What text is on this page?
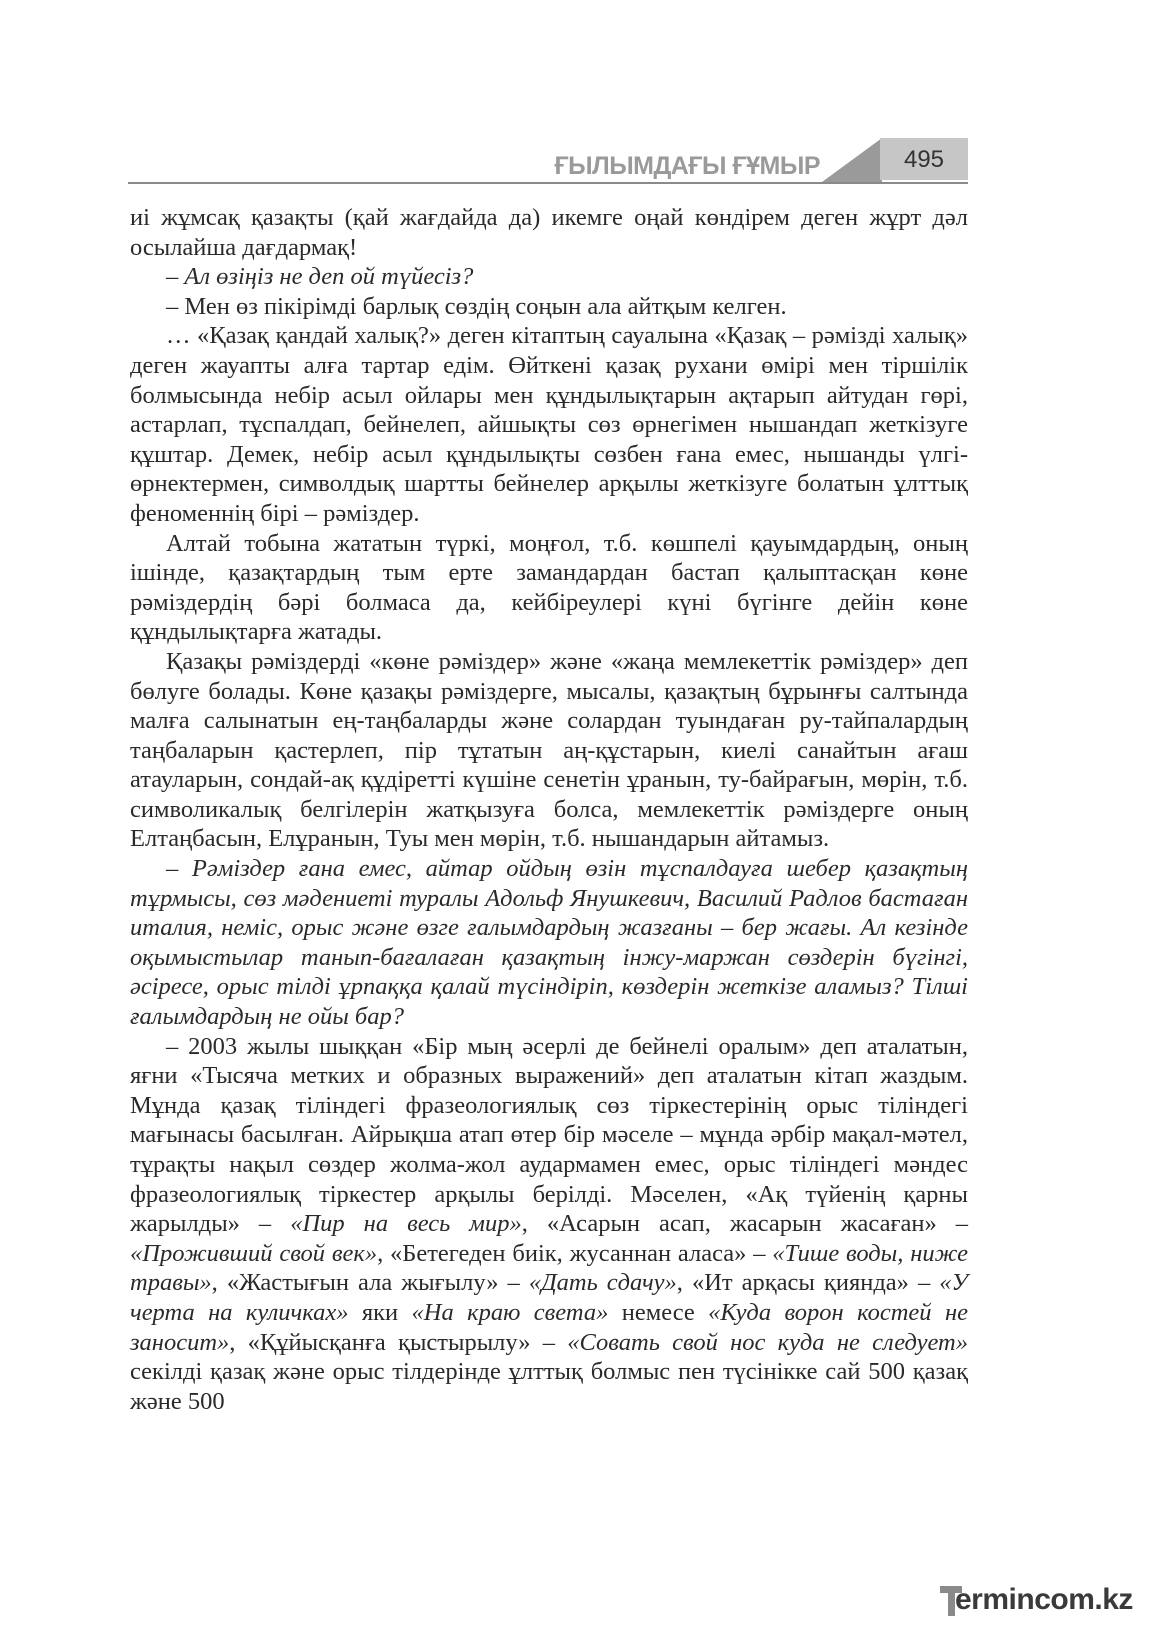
ҒЫЛЫМДАҒЫ ҒҰМЫР	495

иі жұмсақ қазақты (қай жағдайда да) икемге оңай көндірем деген жұрт дәл осылайша дағдармақ!

– Ал өзіңіз не деп ой түйесіз?

– Мен өз пікірімді барлық сөздің соңын ала айтқым келген.

… «Қазақ қандай халық?» деген кітаптың сауалына «Қазақ – рәмізді халық» деген жауапты алға тартар едім. Өйткені қазақ рухани өмірі мен тіршілік болмысында небір асыл ойлары мен құндылықтарын ақтарып айтудан гөрі, астарлап, тұспалдап, бейнелеп, айшықты сөз өрнегімен нышандап жеткізуге құштар. Демек, небір асыл құндылықты сөзбен ғана емес, нышанды үлгі-өрнектермен, символдық шартты бейнелер арқылы жеткізуге болатын ұлттық феноменнің бірі – рәміздер.

Алтай тобына жататын түркі, моңғол, т.б. көшпелі қауымдардың, оның ішінде, қазақтардың тым ерте замандардан бастап қалыптасқан көне рәміздердің бәрі болмаса да, кейбіреулері күні бүгінге дейін көне құндылықтарға жатады.

Қазақы рәміздерді «көне рәміздер» және «жаңа мемлекеттік рәміздер» деп бөлуге болады. Көне қазақы рәміздерге, мысалы, қазақтың бұрынғы салтында малға салынатын ең-таңбаларды және солардан туындаған ру-тайпалардың таңбаларын қастерлеп, пір тұтатын аң-құстарын, киелі санайтын ағаш атауларын, сондай-ақ құдіретті күшіне сенетін ұранын, ту-байрағын, мөрін, т.б. символикалық белгілерін жатқызуға болса, мемлекеттік рәміздерге оның Елтаңбасын, Елұранын, Туы мен мөрін, т.б. нышандарын айтамыз.

– Рәміздер ғана емес, айтар ойдың өзін тұспалдауға шебер қазақтың тұрмысы, сөз мәдениеті туралы Адольф Янушкевич, Василий Радлов бастаған италия, неміс, орыс және өзге ғалымдардың жазғаны – бер жағы. Ал кезінде оқымыстылар танып-бағалаған қазақтың інжу-маржан сөздерін бүгінгі, әсіресе, орыс тілді ұрпаққа қалай түсіндіріп, көздерін жеткізе аламыз? Тілші ғалымдардың не ойы бар?

– 2003 жылы шыққан «Бір мың әсерлі де бейнелі оралым» деп аталатын, яғни «Тысяча метких и образных выражений» деп аталатын кітап жаздым. Мұнда қазақ тіліндегі фразеологиялық сөз тіркестерінің орыс тіліндегі мағынасы басылған. Айрықша атап өтер бір мәселе – мұнда әрбір мақал-мәтел, тұрақты нақыл сөздер жолма-жол аудармамен емес, орыс тіліндегі мәндес фразеологиялық тіркестер арқылы берілді. Мәселен, «Ақ түйенің қарны жарылды» – «Пир на весь мир», «Асарын асап, жасарын жасаған» – «Проживший свой век», «Бетегеден биік, жусаннан аласа» – «Тише воды, ниже травы», «Жастығын ала жығылу» – «Дать сдачу», «Ит арқасы қиянда» – «У черта на куличках» яки «На краю света» немесе «Куда ворон костей не заносит», «Құйысқанға қыстырылу» – «Совать свой нос куда не следует» секілді қазақ және орыс тілдерінде ұлттық болмыс пен түсінікке сай 500 қазақ және 500

ermincom.kz
